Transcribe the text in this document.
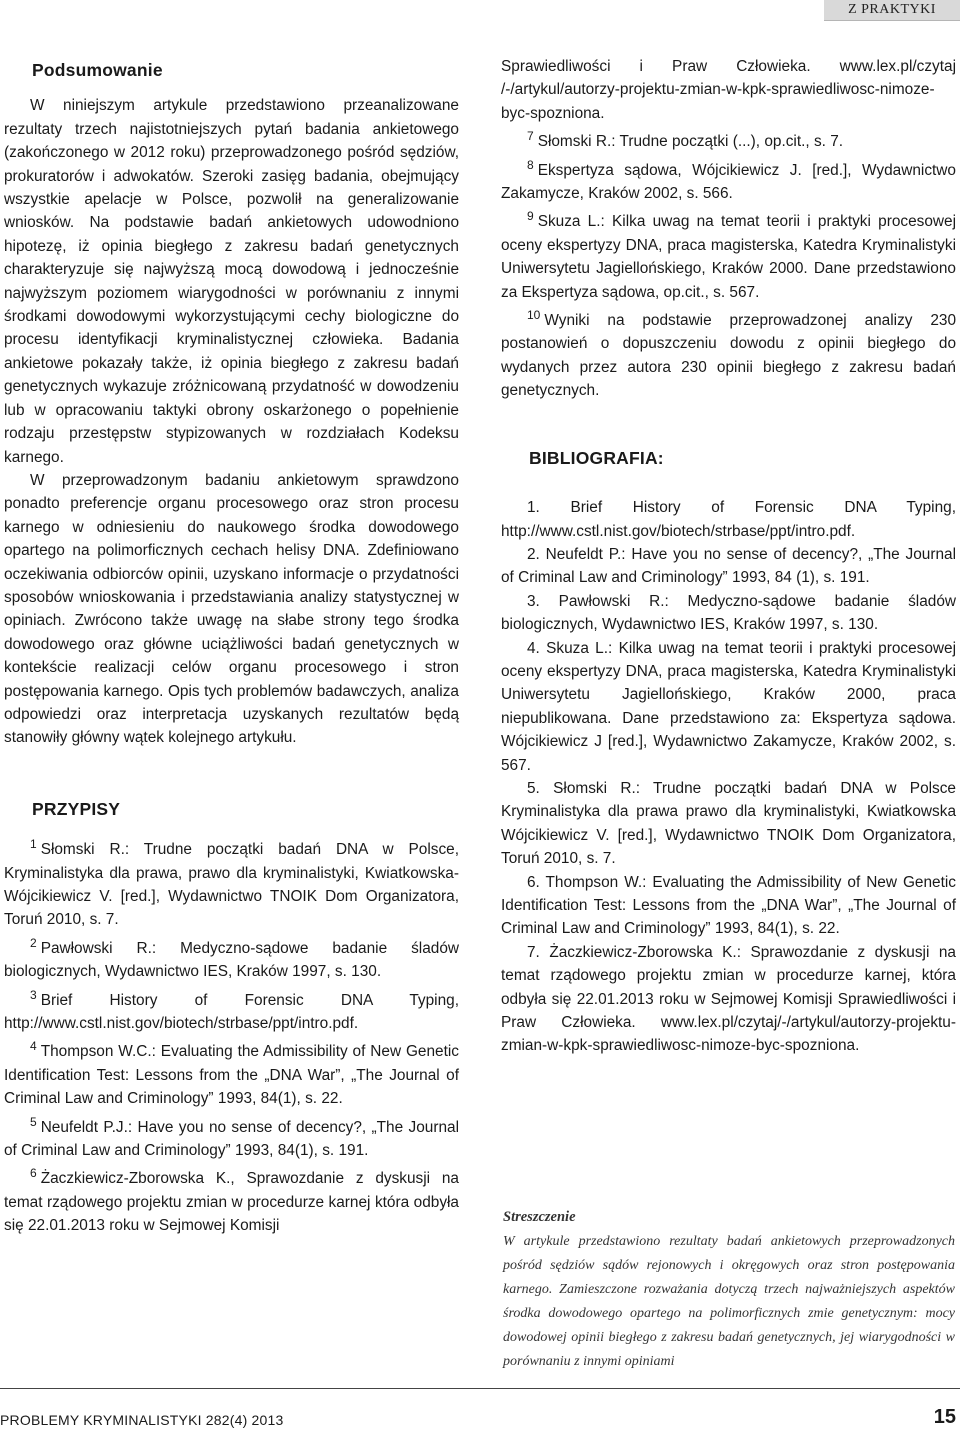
Z PRAKTYKI
Podsumowanie

W niniejszym artykule przedstawiono przeanalizowane rezultaty trzech najistotniejszych pytań badania ankietowego (zakończonego w 2012 roku) przeprowadzonego pośród sędziów, prokuratorów i adwokatów. Szeroki zasięg badania, obejmujący wszystkie apelacje w Polsce, pozwolił na generalizowanie wniosków. Na podstawie badań ankietowych udowodniono hipotezę, iż opinia biegłego z zakresu badań genetycznych charakteryzuje się najwyższą mocą dowodową i jednocześnie najwyższym poziomem wiarygodności w porównaniu z innymi środkami dowodowymi wykorzystującymi cechy biologiczne do procesu identyfikacji kryminalistycznej człowieka. Badania ankietowe pokazały także, iż opinia biegłego z zakresu badań genetycznych wykazuje zróżnicowaną przydatność w dowodzeniu lub w opracowaniu taktyki obrony oskarżonego o popełnienie rodzaju przestępstw stypizowanych w rozdziałach Kodeksu karnego.

W przeprowadzonym badaniu ankietowym sprawdzono ponadto preferencje organu procesowego oraz stron procesu karnego w odniesieniu do naukowego środka dowodowego opartego na polimorficznych cechach helisy DNA. Zdefiniowano oczekiwania odbiorców opinii, uzyskano informacje o przydatności sposobów wnioskowania i przedstawiania analizy statystycznej w opiniach. Zwrócono także uwagę na słabe strony tego środka dowodowego oraz główne uciążliwości badań genetycznych w kontekście realizacji celów organu procesowego i stron postępowania karnego. Opis tych problemów badawczych, analiza odpowiedzi oraz interpretacja uzyskanych rezultatów będą stanowiły główny wątek kolejnego artykułu.

PRZYPISY

$^1$ Słomski R.: Trudne początki badań DNA w Polsce, Kryminalistyka dla prawa, prawo dla kryminalistyki, Kwiatkowska-Wójcikiewicz V. [red.], Wydawnictwo TNOIK Dom Organizatora, Toruń 2010, s. 7.

$^2$ Pawłowski R.: Medyczno-sądowe badanie śladów biologicznych, Wydawnictwo IES, Kraków 1997, s. 130.

$^3$ Brief History of Forensic DNA Typing, http://www.cstl.nist.gov/biotech/strbase/ppt/intro.pdf.

$^4$ Thompson W.C.: Evaluating the Admissibility of New Genetic Identification Test: Lessons from the „DNA War”, „The Journal of Criminal Law and Criminology” 1993, 84(1), s. 22.

$^5$ Neufeldt P.J.: Have you no sense of decency?, „The Journal of Criminal Law and Criminology” 1993, 84(1), s. 191.

$^6$ Żaczkiewicz-Zborowska K., Sprawozdanie z dyskusji na temat rządowego projektu zmian w procedurze karnej która odbyła się 22.01.2013 roku w Sejmowej Komisji

Sprawiedliwości i Praw Człowieka. www.lex.pl/czytaj /-/artykul/autorzy-projektu-zmian-w-kpk-sprawiedliwosc-nimoze-byc-spozniona.

$^7$ Słomski R.: Trudne początki (...), op.cit., s. 7.

$^8$ Ekspertyza sądowa, Wójcikiewicz J. [red.], Wydawnictwo Zakamycze, Kraków 2002, s. 566.

$^9$ Skuza L.: Kilka uwag na temat teorii i praktyki procesowej oceny ekspertyzy DNA, praca magisterska, Katedra Kryminalistyki Uniwersytetu Jagiellońskiego, Kraków 2000. Dane przedstawiono za Ekspertyza sądowa, op.cit., s. 567.

$^{10}$ Wyniki na podstawie przeprowadzonej analizy 230 postanowień o dopuszczeniu dowodu z opinii biegłego do wydanych przez autora 230 opinii biegłego z zakresu badań genetycznych.

BIBLIOGRAFIA:

1. Brief History of Forensic DNA Typing, http://www.cstl.nist.gov/biotech/strbase/ppt/intro.pdf.

2. Neufeldt P.: Have you no sense of decency?, „The Journal of Criminal Law and Criminology” 1993, 84 (1), s. 191.

3. Pawłowski R.: Medyczno-sądowe badanie śladów biologicznych, Wydawnictwo IES, Kraków 1997, s. 130.

4. Skuza L.: Kilka uwag na temat teorii i praktyki procesowej oceny ekspertyzy DNA, praca magisterska, Katedra Kryminalistyki Uniwersytetu Jagiellońskiego, Kraków 2000, praca niepublikowana. Dane przedstawiono za: Ekspertyza sądowa. Wójcikiewicz J [red.], Wydawnictwo Zakamycze, Kraków 2002, s. 567.

5. Słomski R.: Trudne początki badań DNA w Polsce Kryminalistyka dla prawa prawo dla kryminalistyki, Kwiatkowska Wójcikiewicz V. [red.], Wydawnictwo TNOIK Dom Organizatora, Toruń 2010, s. 7.

6. Thompson W.: Evaluating the Admissibility of New Genetic Identification Test: Lessons from the „DNA War”, „The Journal of Criminal Law and Criminology” 1993, 84(1), s. 22.

7. Żaczkiewicz-Zborowska K.: Sprawozdanie z dyskusji na temat rządowego projektu zmian w procedurze karnej, która odbyła się 22.01.2013 roku w Sejmowej Komisji Sprawiedliwości i Praw Człowieka. www.lex.pl/czytaj/-/artykul/autorzy-projektu-zmian-w-kpk-sprawiedliwosc-nimoze-byc-spozniona.

Streszczenie
W artykule przedstawiono rezultaty badań ankietowych przeprowadzonych pośród sędziów sądów rejonowych i okręgowych oraz stron postępowania karnego. Zamieszczone rozważania dotyczą trzech najważniejszych aspektów środka dowodowego opartego na polimorficznych zmie genetycznym: mocy dowodowej opinii biegłego z zakresu badań genetycznych, jej wiarygodności w porównaniu z innymi opiniami
PROBLEMY KRYMINALISTYKI 282(4) 2013	15
